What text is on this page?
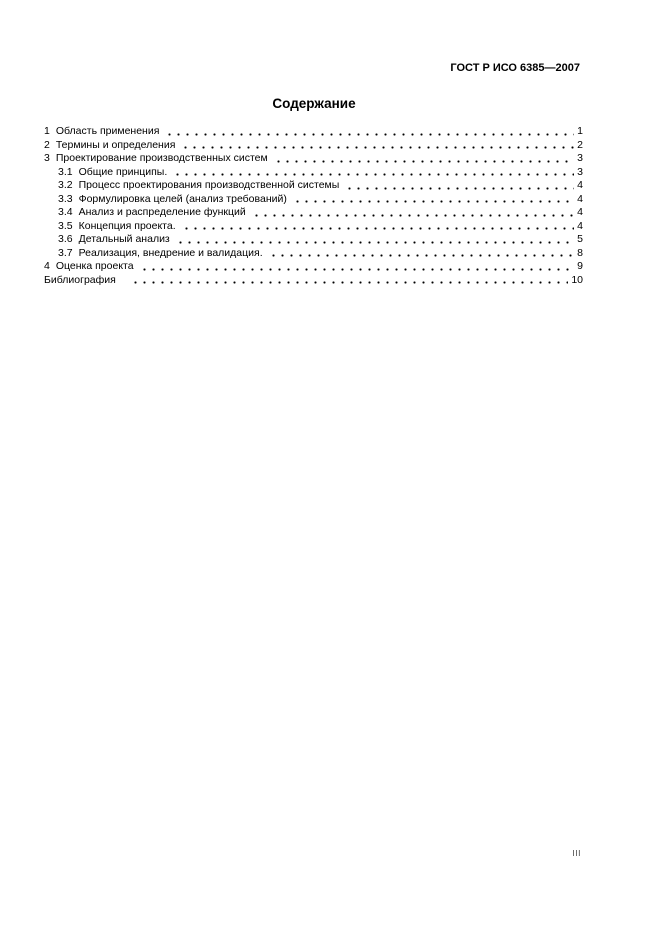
ГОСТ Р ИСО 6385—2007
Содержание
1 Область применения	1
2 Термины и определения	2
3 Проектирование производственных систем	3
3.1 Общие принципы.	3
3.2 Процесс проектирования производственной системы	4
3.3 Формулировка целей (анализ требований)	4
3.4 Анализ и распределение функций	4
3.5 Концепция проекта.	4
3.6 Детальный анализ	5
3.7 Реализация, внедрение и валидация.	8
4 Оценка проекта	9
Библиография	10
III
